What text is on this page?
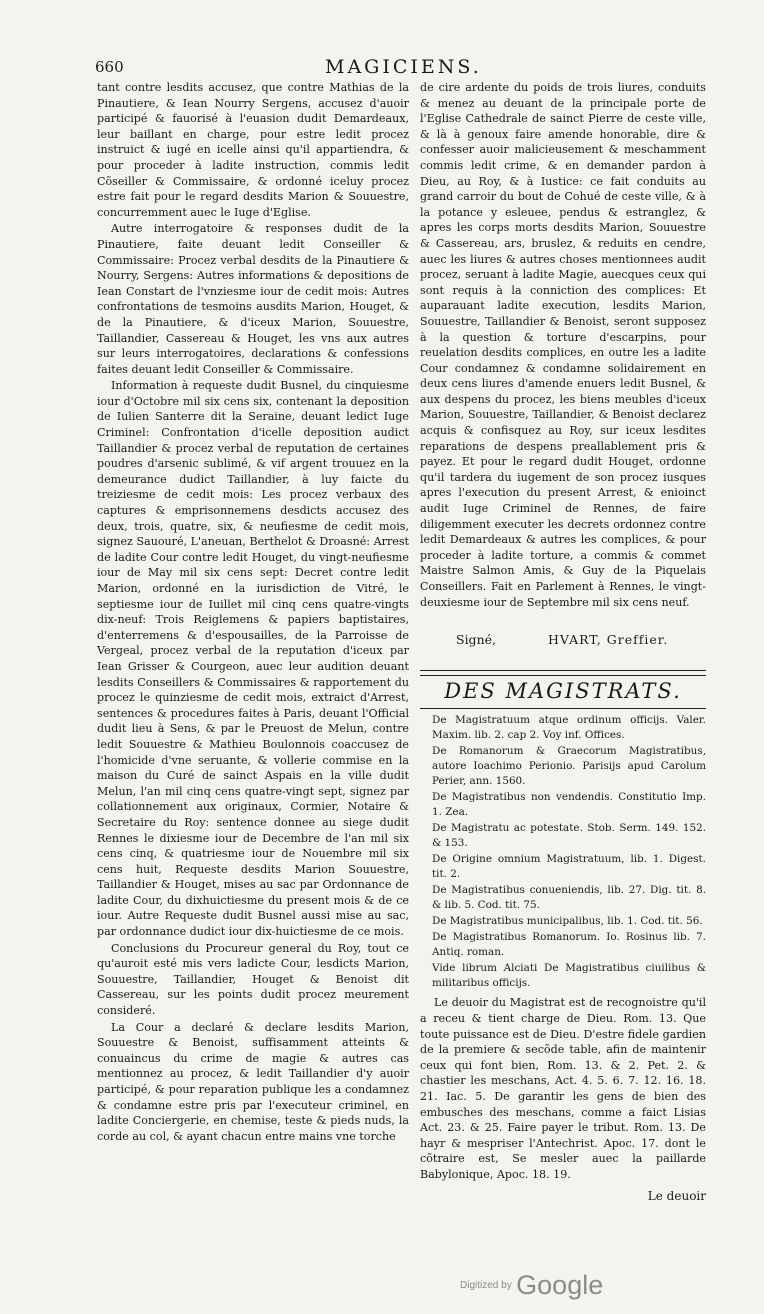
660	MAGICIENS.

tant contre lesdits accusez, que contre Mathias de la Pinautiere, & Iean Nourry Sergens, accusez d'auoir participé & fauorisé à l'euasion dudit Demardeaux, leur baillant en charge, pour estre ledit procez instruict & iugé en icelle ainsi qu'il appartiendra, & pour proceder à ladite instruction, commis ledit Cõseiller & Commissaire, & ordonné iceluy procez estre fait pour le regard desdits Marion & Souuestre, concurremment auec le Iuge d'Eglise.

Autre interrogatoire & responses dudit de la Pinautiere, faite deuant ledit Conseiller & Commissaire: Procez verbal desdits de la Pinautiere & Nourry, Sergens: Autres informations & depositions de Iean Constart de l'vnziesme iour de cedit mois: Autres confrontations de tesmoins ausdits Marion, Houget, & de la Pinautiere, & d'iceux Marion, Souuestre, Taillandier, Cassereau & Houget, les vns aux autres sur leurs interrogatoires, declarations & confessions faites deuant ledit Conseiller & Commissaire.

Information à requeste dudit Busnel, du cinquiesme iour d'Octobre mil six cens six, contenant la deposition de Iulien Santerre dit la Seraine, deuant ledict Iuge Criminel: Confrontation d'icelle deposition audict Taillandier & procez verbal de reputation de certaines poudres d'arsenic sublimé, & vif argent trouuez en la demeurance dudict Taillandier, à luy faicte du treiziesme de cedit mois: Les procez verbaux des captures & emprisonnemens desdicts accusez des deux, trois, quatre, six, & neufiesme de cedit mois, signez Sauouré, L'aneuan, Berthelot & Droasné: Arrest de ladite Cour contre ledit Houget, du vingt-neufiesme iour de May mil six cens sept: Decret contre ledit Marion, ordonné en la iurisdiction de Vitré, le septiesme iour de Iuillet mil cinq cens quatre-vingts dix-neuf: Trois Reiglemens & papiers baptistaires, d'enterremens & d'espousailles, de la Parroisse de Vergeal, procez verbal de la reputation d'iceux par Iean Grisser & Courgeon, auec leur audition deuant lesdits Conseillers & Commissaires & rapportement du procez le quinziesme de cedit mois, extraict d'Arrest, sentences & procedures faites à Paris, deuant l'Official dudit lieu à Sens, & par le Preuost de Melun, contre ledit Souuestre & Mathieu Boulonnois coaccusez de l'homicide d'vne seruante, & vollerie commise en la maison du Curé de sainct Aspais en la ville dudit Melun, l'an mil cinq cens quatre-vingt sept, signez par collationnement aux originaux, Cormier, Notaire & Secretaire du Roy: sentence donnee au siege dudit Rennes le dixiesme iour de Decembre de l'an mil six cens cinq, & quatriesme iour de Nouembre mil six cens huit, Requeste desdits Marion Souuestre, Taillandier & Houget, mises au sac par Ordonnance de ladite Cour, du dixhuictiesme du present mois & de ce iour. Autre Requeste dudit Busnel aussi mise au sac, par ordonnance dudict iour dix-huictiesme de ce mois.

Conclusions du Procureur general du Roy, tout ce qu'auroit esté mis vers ladicte Cour, lesdicts Marion, Souuestre, Taillandier, Houget & Benoist dit Cassereau, sur les points dudit procez meurement consideré.

La Cour a declaré & declare lesdits Marion, Souuestre & Benoist, suffisamment atteints & conuaincus du crime de magie & autres cas mentionnez au procez, & ledit Taillandier d'y auoir participé, & pour reparation publique les a condamnez & condamne estre pris par l'executeur criminel, en ladite Conciergerie, en chemise, teste & pieds nuds, la corde au col, & ayant chacun entre mains vne torche

de cire ardente du poids de trois liures, conduits & menez au deuant de la principale porte de l'Eglise Cathedrale de sainct Pierre de ceste ville, & là à genoux faire amende honorable, dire & confesser auoir malicieusement & meschamment commis ledit crime, & en demander pardon à Dieu, au Roy, & à Iustice: ce fait conduits au grand carroir du bout de Cohué de ceste ville, & à la potance y esleuee, pendus & estranglez, & apres les corps morts desdits Marion, Souuestre & Cassereau, ars, bruslez, & reduits en cendre, auec les liures & autres choses mentionnees audit procez, seruant à ladite Magie, auecques ceux qui sont requis à la conniction des complices: Et auparauant ladite execution, lesdits Marion, Souuestre, Taillandier & Benoist, seront supposez à la question & torture d'escarpins, pour reuelation desdits complices, en outre les a ladite Cour condamnez & condamne solidairement en deux cens liures d'amende enuers ledit Busnel, & aux despens du procez, les biens meubles d'iceux Marion, Souuestre, Taillandier, & Benoist declarez acquis & confisquez au Roy, sur iceux lesdites reparations de despens preallablement pris & payez. Et pour le regard dudit Houget, ordonne qu'il tardera du iugement de son procez iusques apres l'execution du present Arrest, & enioinct audit Iuge Criminel de Rennes, de faire diligemment executer les decrets ordonnez contre ledit Demardeaux & autres les complices, & pour proceder à ladite torture, a commis & commet Maistre Salmon Amis, & Guy de la Piquelais Conseillers. Fait en Parlement à Rennes, le vingt-deuxiesme iour de Septembre mil six cens neuf.

Signé,	HVART, Greffier.
DES MAGISTRATS.

De Magistratuum atque ordinum officijs. Valer. Maxim. lib. 2. cap 2. Voy inf. Offices.

De Romanorum & Graecorum Magistratibus, autore Ioachimo Perionio. Parisijs apud Carolum Perier, ann. 1560.

De Magistratibus non vendendis. Constitutio Imp. 1. Zea.

De Magistratu ac potestate. Stob. Serm. 149. 152. & 153.

De Origine omnium Magistratuum, lib. 1. Digest. tit. 2.

De Magistratibus conueniendis, lib. 27. Dig. tit. 8. & lib. 5. Cod. tit. 75.

De Magistratibus municipalibus, lib. 1. Cod. tit. 56.

De Magistratibus Romanorum. Io. Rosinus lib. 7. Antiq. roman.

Vide librum Alciati De Magistratibus ciuilibus & militaribus officijs.

Le deuoir du Magistrat est de recognoistre qu'il a receu & tient charge de Dieu. Rom. 13. Que toute puissance est de Dieu. D'estre fidele gardien de la premiere & secõde table, afin de maintenir ceux qui font bien, Rom. 13. & 2. Pet. 2. & chastier les meschans, Act. 4. 5. 6. 7. 12. 16. 18. 21. Iac. 5. De garantir les gens de bien des embusches des meschans, comme a faict Lisias Act. 23. & 25. Faire payer le tribut. Rom. 13. De hayr & mespriser l'Antechrist. Apoc. 17. dont le cõtraire est, Se mesler auec la paillarde Babylonique, Apoc. 18. 19.

Le deuoir
Digitized by Google
